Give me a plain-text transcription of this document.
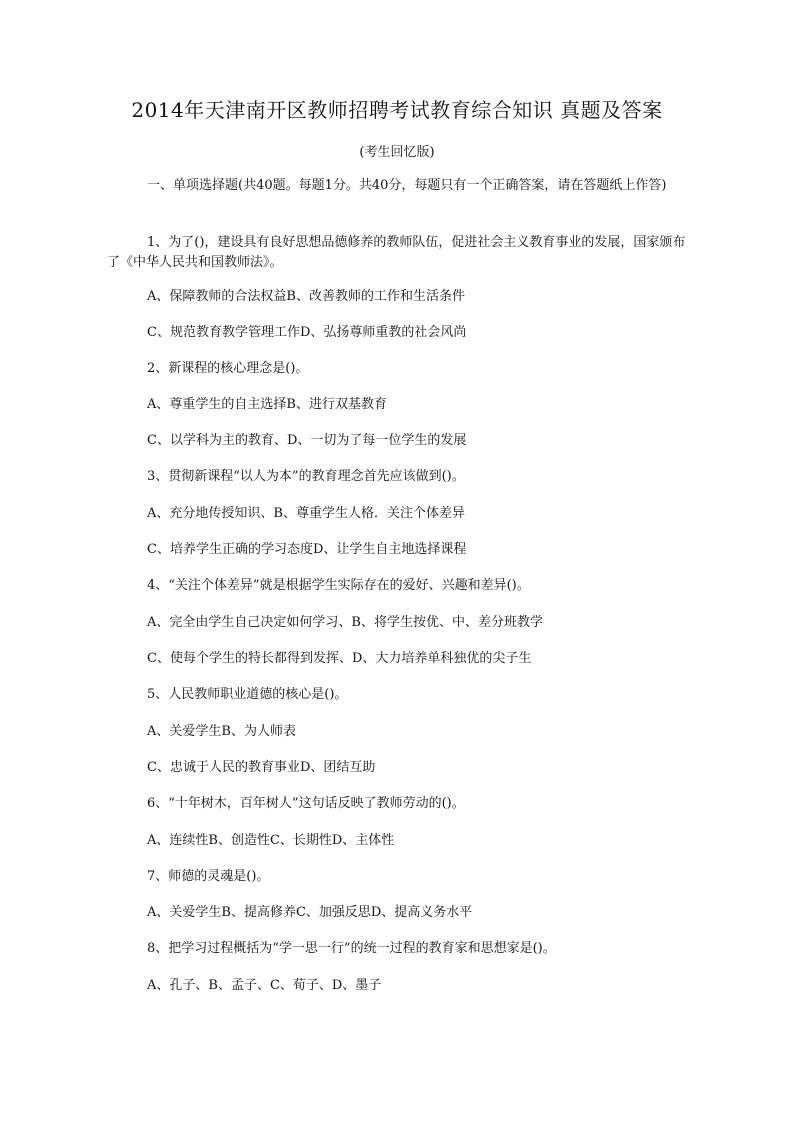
2014年天津南开区教师招聘考试教育综合知识 真题及答案
(考生回忆版)
一、单项选择题(共40题。每题1分。共40分，每题只有一个正确答案，请在答题纸上作答)
1、为了()，建设具有良好思想品德修养的教师队伍，促进社会主义教育事业的发展，国家颁布了《中华人民共和国教师法》。
A、保障教师的合法权益B、改善教师的工作和生活条件
C、规范教育教学管理工作D、弘扬尊师重教的社会风尚
2、新课程的核心理念是()。
A、尊重学生的自主选择B、进行双基教育
C、以学科为主的教育、D、一切为了每一位学生的发展
3、贯彻新课程“以人为本”的教育理念首先应该做到()。
A、充分地传授知识、B、尊重学生人格．关注个体差异
C、培养学生正确的学习态度D、让学生自主地选择课程
4、“关注个体差异”就是根据学生实际存在的爱好、兴趣和差异()。
A、完全由学生自己决定如何学习、B、将学生按优、中、差分班教学
C、使每个学生的特长都得到发挥、D、大力培养单科独优的尖子生
5、人民教师职业道德的核心是()。
A、关爱学生B、为人师表
C、忠诚于人民的教育事业D、团结互助
6、“十年树木，百年树人”这句话反映了教师劳动的()。
A、连续性B、创造性C、长期性D、主体性
7、师德的灵魂是()。
A、关爱学生B、提高修养C、加强反思D、提高义务水平
8、把学习过程概括为“学一思一行”的统一过程的教育家和思想家是()。
A、孔子、B、孟子、C、荀子、D、墨子
